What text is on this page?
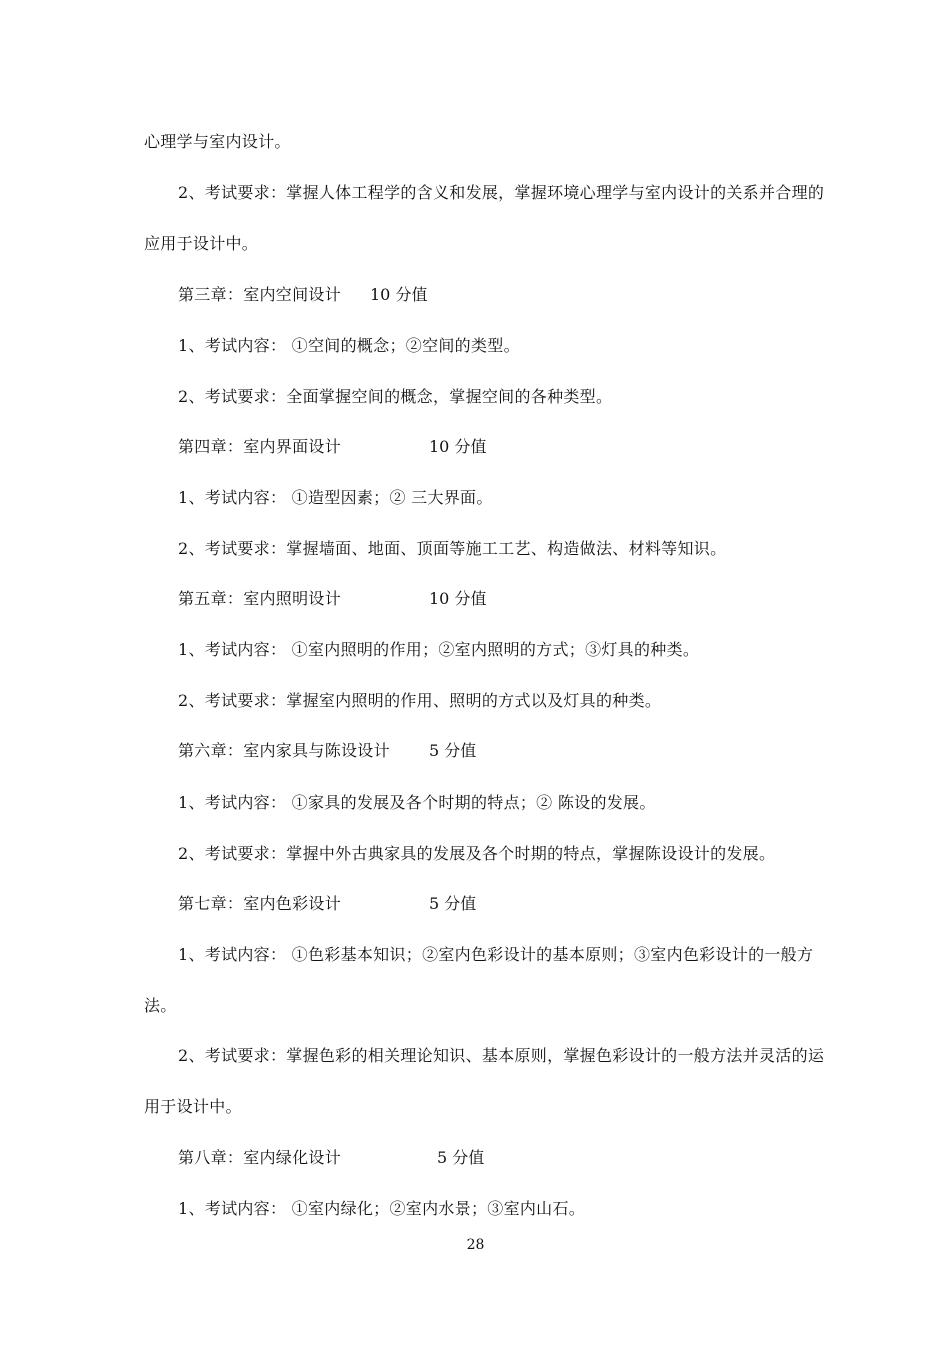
心理学与室内设计。
2、考试要求：掌握人体工程学的含义和发展，掌握环境心理学与室内设计的关系并合理的
应用于设计中。
第三章：室内空间设计 10 分值
1、考试内容： ①空间的概念；②空间的类型。
2、考试要求：全面掌握空间的概念，掌握空间的各种类型。
第四章：室内界面设计	10 分值
1、考试内容： ①造型因素；② 三大界面。
2、考试要求：掌握墙面、地面、顶面等施工工艺、构造做法、材料等知识。
第五章：室内照明设计	10 分值
1、考试内容： ①室内照明的作用；②室内照明的方式；③灯具的种类。
2、考试要求：掌握室内照明的作用、照明的方式以及灯具的种类。
第六章：室内家具与陈设设计 5 分值
1、考试内容： ①家具的发展及各个时期的特点；② 陈设的发展。
2、考试要求：掌握中外古典家具的发展及各个时期的特点，掌握陈设设计的发展。
第七章：室内色彩设计	5 分值
1、考试内容： ①色彩基本知识；②室内色彩设计的基本原则；③室内色彩设计的一般方
法。
2、考试要求：掌握色彩的相关理论知识、基本原则，掌握色彩设计的一般方法并灵活的运
用于设计中。
第八章：室内绿化设计	5 分值
1、考试内容： ①室内绿化；②室内水景；③室内山石。
28
